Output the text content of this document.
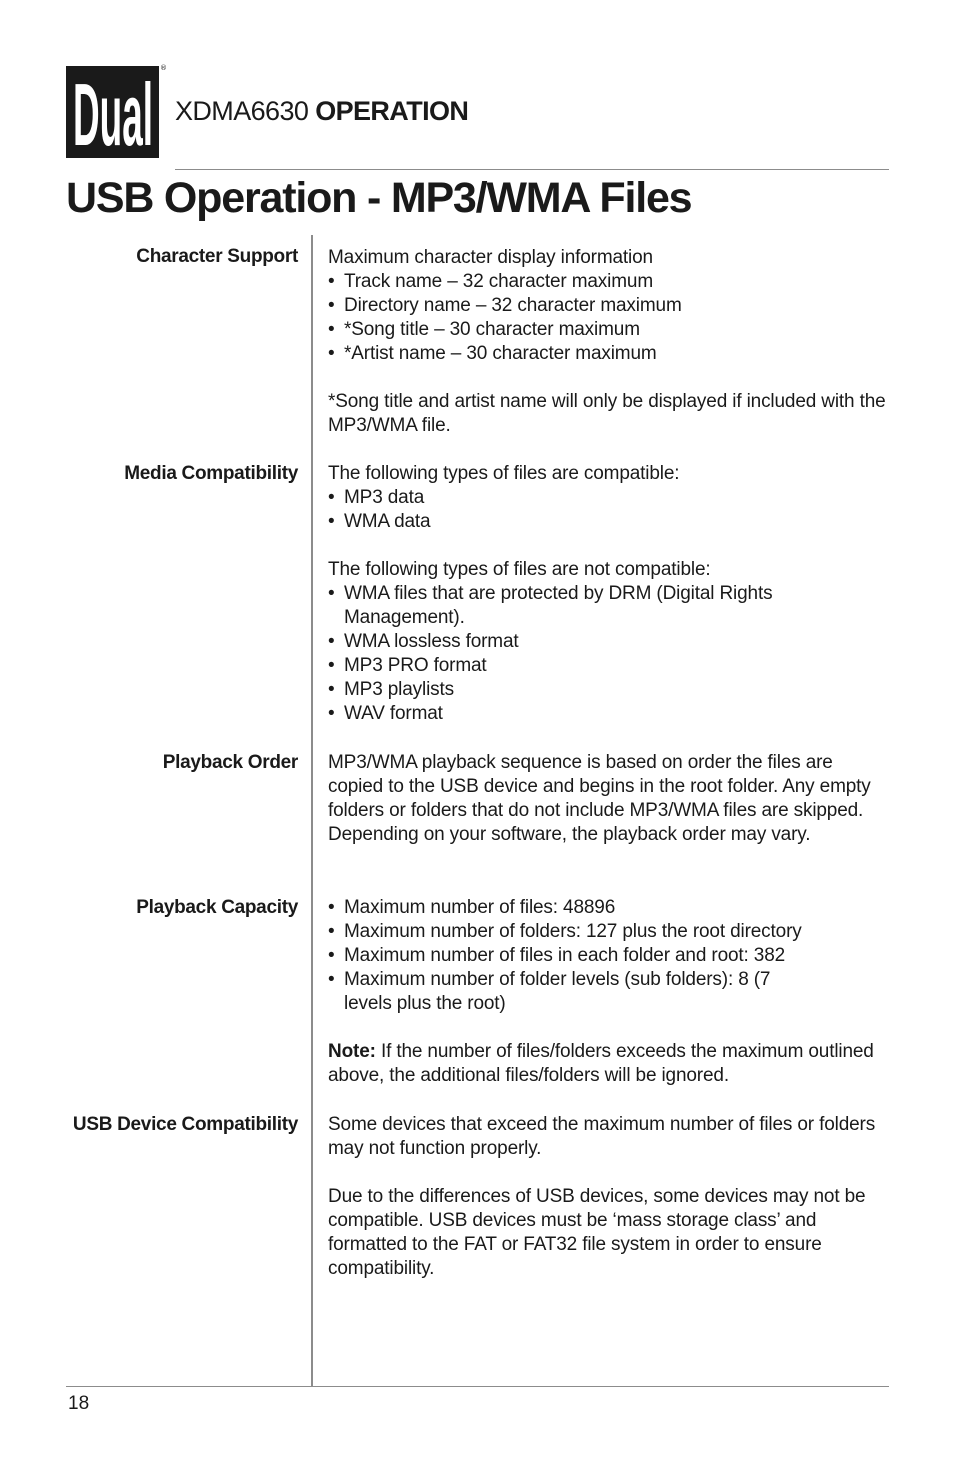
Dual ®
XDMA6630 OPERATION
USB Operation - MP3/WMA Files
Character Support Maximum character display information

• Track name – 32 character maximum
• Directory name – 32 character maximum
• *Song title – 30 character maximum
• *Artist name – 30 character maximum

*Song title and artist name will only be displayed if included with the MP3/WMA file.

Media Compatibility The following types of files are compatible:

• MP3 data
• WMA data

The following types of files are not compatible:

• WMA files that are protected by DRM (Digital Rights Management).
• WMA lossless format
• MP3 PRO format
• MP3 playlists
• WAV format
Playback Order MP3/WMA playback sequence is based on order the files are copied to the USB device and begins in the root folder. Any empty folders or folders that do not include MP3/WMA files are skipped. Depending on your software, the playback order may vary.

Playback Capacity
•	Maximum number of files: 48896
• Maximum number of folders: 127 plus the root directory
• Maximum number of files in each folder and root: 382
• Maximum number of folder levels (sub folders): 8 (7 levels plus the root)

Note: If the number of files/folders exceeds the maximum outlined above, the additional files/folders will be ignored.

USB Device Compatibility Some devices that exceed the maximum number of files or folders may not function properly.

Due to the differences of USB devices, some devices may not be compatible. USB devices must be ‘mass storage class’ and formatted to the FAT or FAT32 file system in order to ensure compatibility.

18
